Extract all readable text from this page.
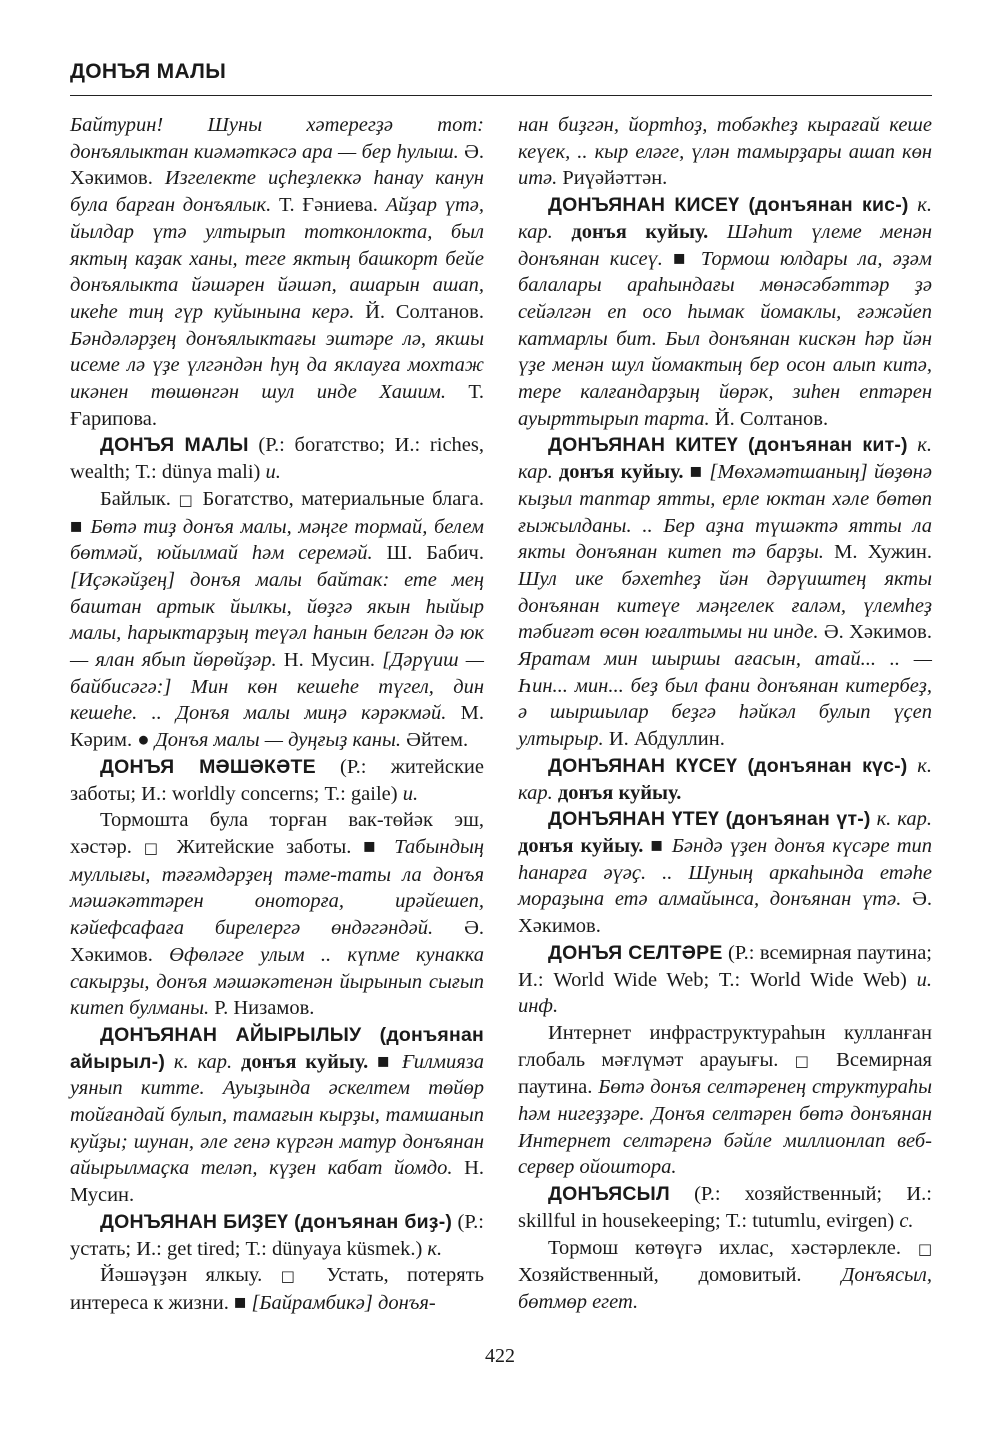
ДОНЪЯ МАЛЫ

Байтурин! Шуны хәтерегҙә тот: донъялыктан киәмәткәсә ара — бер һулыш. Ә. Хәкимов. Изгелекте иҫһеҙлеккә һанау канун була барған донъялык. Т. Ғәниева. Айҙар үтә, йылдар үтә ултырып тотконлокта, был яктың каҙак ханы, теге яктың башкорт бейе донъялыкта йәшәрен йәшәп, ашарын ашап, икеһе тиң гүр куйынына керә. Й. Солтанов. Бәндәләрҙең донъялыктағы эштәре лә, якшы исеме лә үҙе үлгәндән һуң да яклауға мохтаж икәнен төшөнгән шул инде Хашим. Т. Ғарипова.

ДОНЪЯ МАЛЫ (Р.: богатство; И.: riches, wealth; Т.: dünya mali) и.

Байлык. □ Богатство, материальные блага. ■ Бөтә тиҙ донъя малы, мәңге тормай, белем бөтмәй, юйылмай һәм серемәй. Ш. Бабич. [Иҫәкәйҙең] донъя малы байтак: ете мең баштан артык йылкы, йөҙгә якын һыйыр малы, һарыктарҙың теүәл һанын белгән дә юк — ялан ябып йөрөйҙәр. Н. Мусин. [Дәрүиш — байбисәгә:] Мин көн кешеһе түгел, дин кешеһе. .. Донъя малы миңә кәрәкмәй. М. Кәрим. ● Донъя малы — дуңғыҙ каны. Әйтем.

ДОНЪЯ МӘШӘКӘТЕ (Р.: житейские заботы; И.: worldly concerns; Т.: gaile) и.

Тормошта була торған вак-төйәк эш, хәстәр. □ Житейские заботы. ■ Табындың муллығы, тәғәмдәрҙең тәме-таты ла донъя мәшәкәттәрен оноторға, ирәйешеп, кәйефсафаға бирелергә өндәгәндәй. Ә. Хәкимов. Өфөләге улым .. күпме кунакка сакырҙы, донъя мәшәкәтенән йырынып сығып китеп булманы. Р. Низамов.

ДОНЪЯНАН АЙЫРЫЛЫУ (донъянан айырыл-) к. кар. донъя куйыу. ■ Ғилмияза уянып китте. Ауыҙында әскелтем төйөр тойғандай булып, тамағын кырҙы, тамшанып куйҙы; шунан, әле генә күргән матур донъянан айырылмаҫка теләп, күҙен кабат йомдо. Н. Мусин.

ДОНЪЯНАН БИҘЕҮ (донъянан биҙ-) (Р.: устать; И.: get tired; Т.: dünyaya küsmek.) к.

Йәшәүҙән ялкыу. □ Устать, потерять интереса к жизни. ■ [Байрамбикә] донъя-

нан биҙгән, йортһоҙ, тобәкһеҙ кырағай кеше кеүек, .. кыр еләге, үлән тамырҙары ашап көн итә. Риүәйәттән.

ДОНЪЯНАН КИСЕҮ (донъянан кис-) к. кар. донъя куйыу. Шәһит үлеме менән донъянан кисеү. ■ Тормош юлдары ла, әҙәм балалары араһындағы мөнәсәбәттәр ҙә сейәлгән еп осо һымак йомаклы, ғәжәйеп катмарлы бит. Был донъянан кискән һәр йән үҙе менән шул йомактың бер осон алып китә, тере калғандарҙың йөрәк, зиһен ептәрен ауырттырып тарта. Й. Солтанов.

ДОНЪЯНАН КИТЕҮ (донъянан кит-) к. кар. донъя куйыу. ■ [Мөхәмәтшаның] йөҙөнә кыҙыл таптар ятты, ерле юктан хәле бөтөп ғыжылданы. .. Бер аҙна түшәктә ятты ла якты донъянан китеп тә барҙы. М. Хужин. Шул ике бәхетһеҙ йән дәрүиштең якты донъянан китеүе мәңгелек ғаләм, үлемһеҙ тәбиғәт өсөн юғалтымы ни инде. Ә. Хәкимов. Яратам мин шыршы ағасын, атай... .. — Һин... мин... беҙ был фани донъянан китербеҙ, ә шыршылар беҙгә һәйкәл булып үҫеп ултырыр. И. Абдуллин.

ДОНЪЯНАН КҮСЕҮ (донъянан күс-) к. кар. донъя куйыу.

ДОНЪЯНАН ҮТЕҮ (донъянан үт-) к. кар. донъя куйыу. ■ Бәндә үҙен донъя күсәре тип һанарға әүәҫ. .. Шуның аркаһында етәһе мораҙына етә алмайынса, донъянан үтә. Ә. Хәкимов.

ДОНЪЯ СЕЛТӘРЕ (Р.: всемирная паутина; И.: World Wide Web; Т.: World Wide Web) и. инф.

Интернет инфраструктураһын кулланған глобаль мәғлүмәт арауығы. □ Всемирная паутина. Бөтә донъя селтәренең структураһы һәм нигеҙҙәре. Донъя селтәрен бөтә донъянан Интернет селтәренә бәйле миллионлап веб-сервер ойоштора.

ДОНЪЯСЫЛ (Р.: хозяйственный; И.: skillful in housekeeping; Т.: tutumlu, evirgen) с.

Тормош көтөүгә ихлас, хәстәрлекле. □ Хозяйственный, домовитый. Донъясыл, бөтмөр егет.

422
